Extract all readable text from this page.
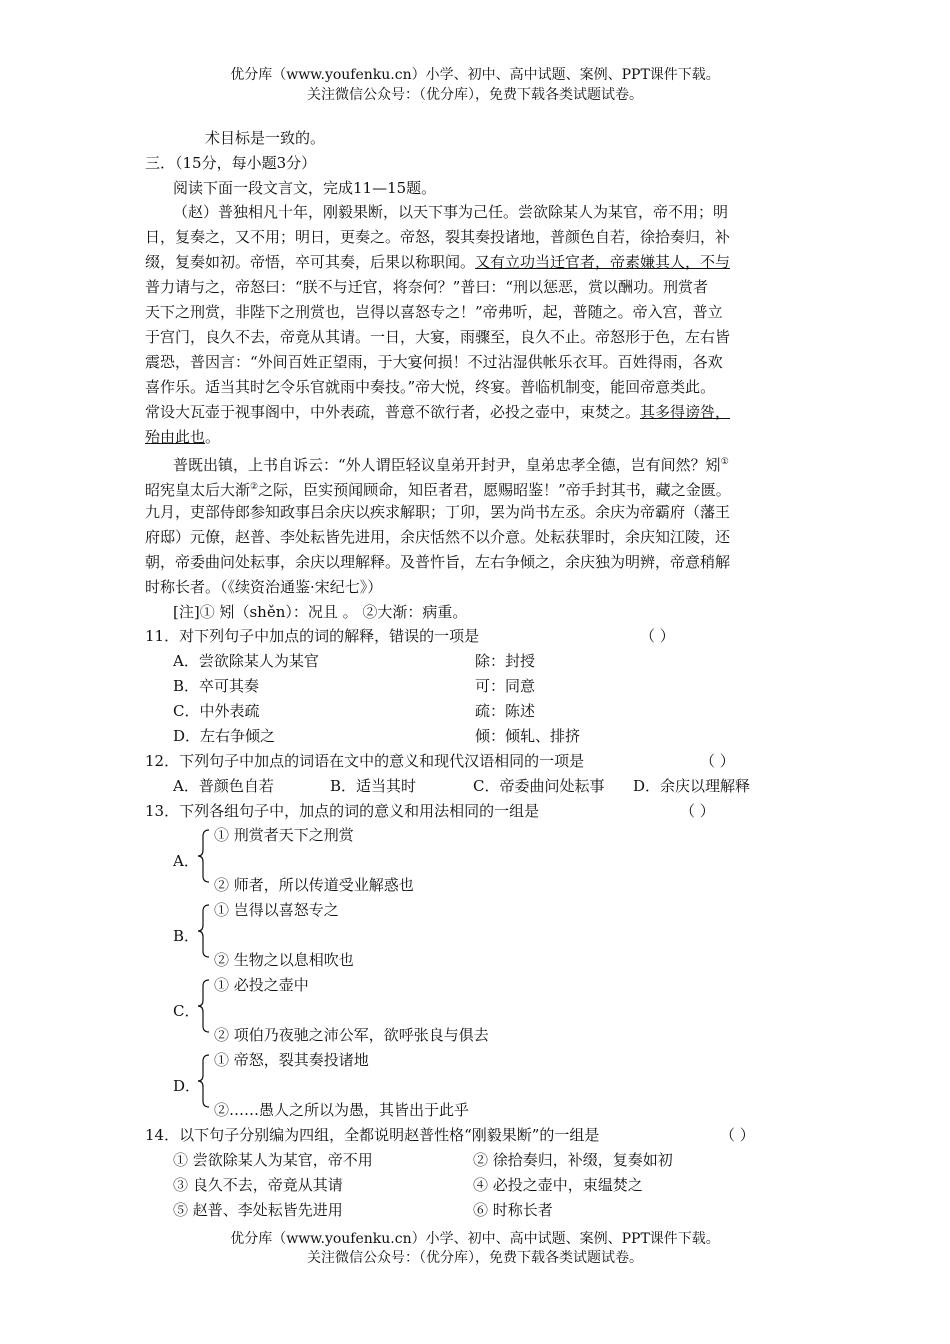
优分库（www.youfenku.cn）小学、初中、高中试题、案例、PPT课件下载。
关注微信公众号：（优分库），免费下载各类试题试卷。
术目标是一致的。
三．（15分，每小题3分）
阅读下面一段文言文，完成11—15题。
（赵）普独相凡十年，刚毅果断，以天下事为己任。尝欲除某人为某官，帝不用；明
日，复奏之，又不用；明日，更奏之。帝怒，裂其奏投诸地，普颜色自若，徐拾奏归，补
缀，复奏如初。帝悟，卒可其奏，后果以称职闻。又有立功当迁官者，帝素嫌其人，不与
普力请与之，帝怒曰：“朕不与迁官，将奈何？”普曰：“刑以惩恶，赏以酬功。刑赏者
天下之刑赏，非陛下之刑赏也，岂得以喜怒专之！”帝弗听，起，普随之。帝入宫，普立
于宫门，良久不去，帝竟从其请。一日，大宴，雨骤至，良久不止。帝怒形于色，左右皆
震恐，普因言：“外间百姓正望雨，于大宴何损！不过沾湿供帐乐衣耳。百姓得雨，各欢
喜作乐。适当其时乞令乐官就雨中奏技。”帝大悦，终宴。普临机制变，能回帝意类此。
常设大瓦壶于视事阁中，中外表疏，普意不欲行者，必投之壶中，束焚之。其多得谤咎，
殆由此也。
普既出镇，上书自诉云：“外人谓臣轻议皇弟开封尹，皇弟忠孝全德，岂有间然？矧①
昭宪皇太后大渐②之际，臣实预闻顾命，知臣者君，愿赐昭鉴！”帝手封其书，藏之金匮。
九月，吏部侍郎参知政事吕余庆以疾求解职；丁卯，罢为尚书左丞。余庆为帝霸府（藩王
府邸）元僚，赵普、李处耘皆先进用，余庆恬然不以介意。处耘获罪时，余庆知江陵，还
朝，帝委曲问处耘事，余庆以理解释。及普忤旨，左右争倾之，余庆独为明辨，帝意稍解
时称长者。（《续资治通鉴·宋纪七》）
[注]① 矧（shěn）：况且 。 ②大渐：病重。
11．对下列句子中加点的词的解释，错误的一项是	（ ）
A．尝欲除某人为某官	除：封授
B．卒可其奏	可：同意
C．中外表疏	疏：陈述
D．左右争倾之	倾：倾轧、排挤
12．下列句子中加点的词语在文中的意义和现代汉语相同的一项是	（ ）
A．普颜色自若	B．适当其时	C．帝委曲问处耘事 D．余庆以理解释
13．下列各组句子中，加点的词的意义和用法相同的一组是	（ ）
A．
① 刑赏者天下之刑赏
② 师者，所以传道受业解惑也
B．
① 岂得以喜怒专之
② 生物之以息相吹也
C．
① 必投之壶中
② 项伯乃夜驰之沛公军，欲呼张良与俱去
D．
① 帝怒，裂其奏投诸地
②……愚人之所以为愚，其皆出于此乎
14．以下句子分别编为四组，全都说明赵普性格“刚毅果断”的一组是	（ ）
① 尝欲除某人为某官，帝不用	② 徐拾奏归，补缀，复奏如初
③ 良久不去，帝竟从其请	④ 必投之壶中，束缊焚之
⑤ 赵普、李处耘皆先进用	⑥ 时称长者
优分库（www.youfenku.cn）小学、初中、高中试题、案例、PPT课件下载。
关注微信公众号：（优分库），免费下载各类试题试卷。
